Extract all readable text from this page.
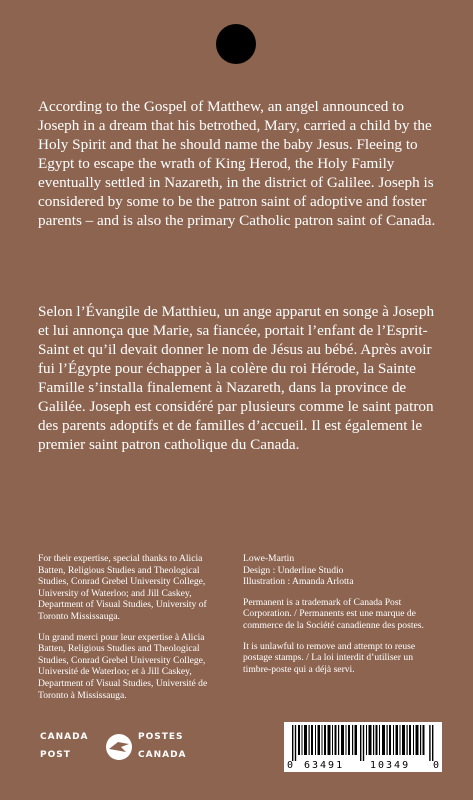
According to the Gospel of Matthew, an angel announced to Joseph in a dream that his betrothed, Mary, carried a child by the Holy Spirit and that he should name the baby Jesus. Fleeing to Egypt to escape the wrath of King Herod, the Holy Family eventually settled in Nazareth, in the district of Galilee. Joseph is considered by some to be the patron saint of adoptive and foster parents – and is also the primary Catholic patron saint of Canada.

Selon l’Évangile de Matthieu, un ange apparut en songe à Joseph et lui annonça que Marie, sa fiancée, portait l’enfant de l’Esprit-Saint et qu’il devait donner le nom de Jésus au bébé. Après avoir fui l’Égypte pour échapper à la colère du roi Hérode, la Sainte Famille s’installa finalement à Nazareth, dans la province de Galilée. Joseph est considéré par plusieurs comme le saint patron des parents adoptifs et de familles d’accueil. Il est également le premier saint patron catholique du Canada.

For their expertise, special thanks to Alicia Batten, Religious Studies and Theological Studies, Conrad Grebel University College, University of Waterloo; and Jill Caskey, Department of Visual Studies, University of Toronto Mississauga.

Un grand merci pour leur expertise à Alicia Batten, Religious Studies and Theological Studies, Conrad Grebel University College, Université de Waterloo; et à Jill Caskey, Department of Visual Studies, Université de Toronto à Mississauga.

Lowe-Martin
Design : Underline Studio
Illustration : Amanda Arlotta

Permanent is a trademark of Canada Post Corporation. / Permanents est une marque de commerce de la Société canadienne des postes.

It is unlawful to remove and attempt to reuse postage stamps. / La loi interdit d’utiliser un timbre-poste qui a déjà servi.

CANADA	POSTES
POST	CANADA
0 63491	10349 0
